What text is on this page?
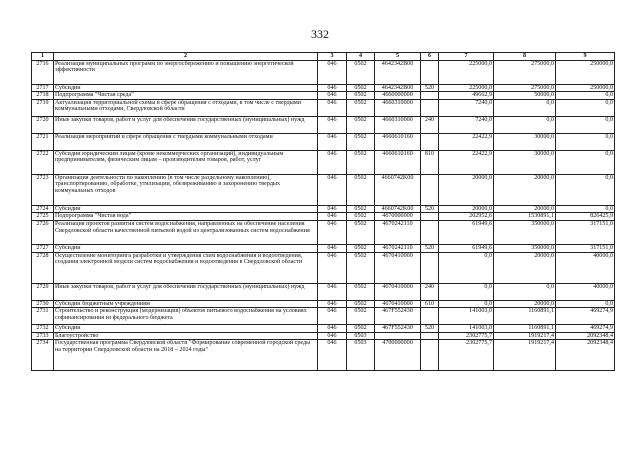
332
1	2	3	4	5	6	7	8	9
2716	Реализация муниципальных программ по энергосбережению и повышению энергетической эффективности	046	0502	4642342B00		225000,0	275000,0	250000,0
2717	Субсидии	046	0502	4642342B00	520	225000,0	275000,0	250000,0
2718	Подпрограмма "Чистая среда"	046	0502	4660000000		49662,9	50000,0	0,0
2719	Актуализация территориальной схемы в сфере обращения с отходами, в том числе с твердыми коммунальными отходами, Свердловской области	046	0502	4660310000		7240,0	0,0	0,0
2720	Иные закупки товаров, работ и услуг для обеспечения государственных (муниципальных) нужд	046	0502	4660310000	240	7240,0	0,0	0,0
2721	Реализация мероприятий в сфере обращения с твердыми коммунальными отходами	046	0502	4660610160		22422,9	30000,0	0,0
2722	Субсидии юридическим лицам (кроме некоммерческих организаций), индивидуальным предпринимателям, физическим лицам – производителям товаров, работ, услуг	046	0502	4660610160	810	22422,9	30000,0	0,0
2723	Организация деятельности по накоплению (в том числе раздельному накоплению), транспортированию, обработке, утилизации, обезвреживанию и захоронению твердых коммунальных отходов	046	0502	4660742K00		20000,0	20000,0	0,0
2724	Субсидии	046	0502	4660742K00	520	20000,0	20000,0	0,0
2725	Подпрограмма "Чистая вода"	046	0502	4670000000		202952,6	1530891,1	826425,9
2726	Реализация проектов развития систем водоснабжения, направленных на обеспечение населения Свердловской области качественной питьевой водой из централизованных систем водоснабжения	046	0502	4670242110		61949,6	350000,0	317151,0
2727	Субсидии	046	0502	4670242110	520	61949,6	350000,0	317151,0
2728	Осуществление мониторинга разработки и утверждения схем водоснабжения и водоотведения, создания электронной модели систем водоснабжения и водоотведения в Свердловской области	046	0502	4670410000		0,0	20000,0	40000,0
2729	Иные закупки товаров, работ и услуг для обеспечения государственных (муниципальных) нужд	046	0502	4670410000	240	0,0	0,0	40000,0
2730	Субсидии бюджетным учреждениям	046	0502	4670410000	610	0,0	20000,0	0,0
2731	Строительство и реконструкция (модернизация) объектов питьевого водоснабжения на условиях софинансирования из федерального бюджета	046	0502	467F552430		141003,0	1160891,1	469274,9
2732	Субсидии	046	0502	467F552430	520	141003,0	1160891,1	469274,9
2733	Благоустройство	046	0503			2302775,7	1919217,4	2092348,4
2734	Государственная программа Свердловской области "Формирование современной городской среды на территории Свердловской области на 2018 – 2024 годы"	046	0503	4700000000		2302775,7	1919217,4	2092348,4
